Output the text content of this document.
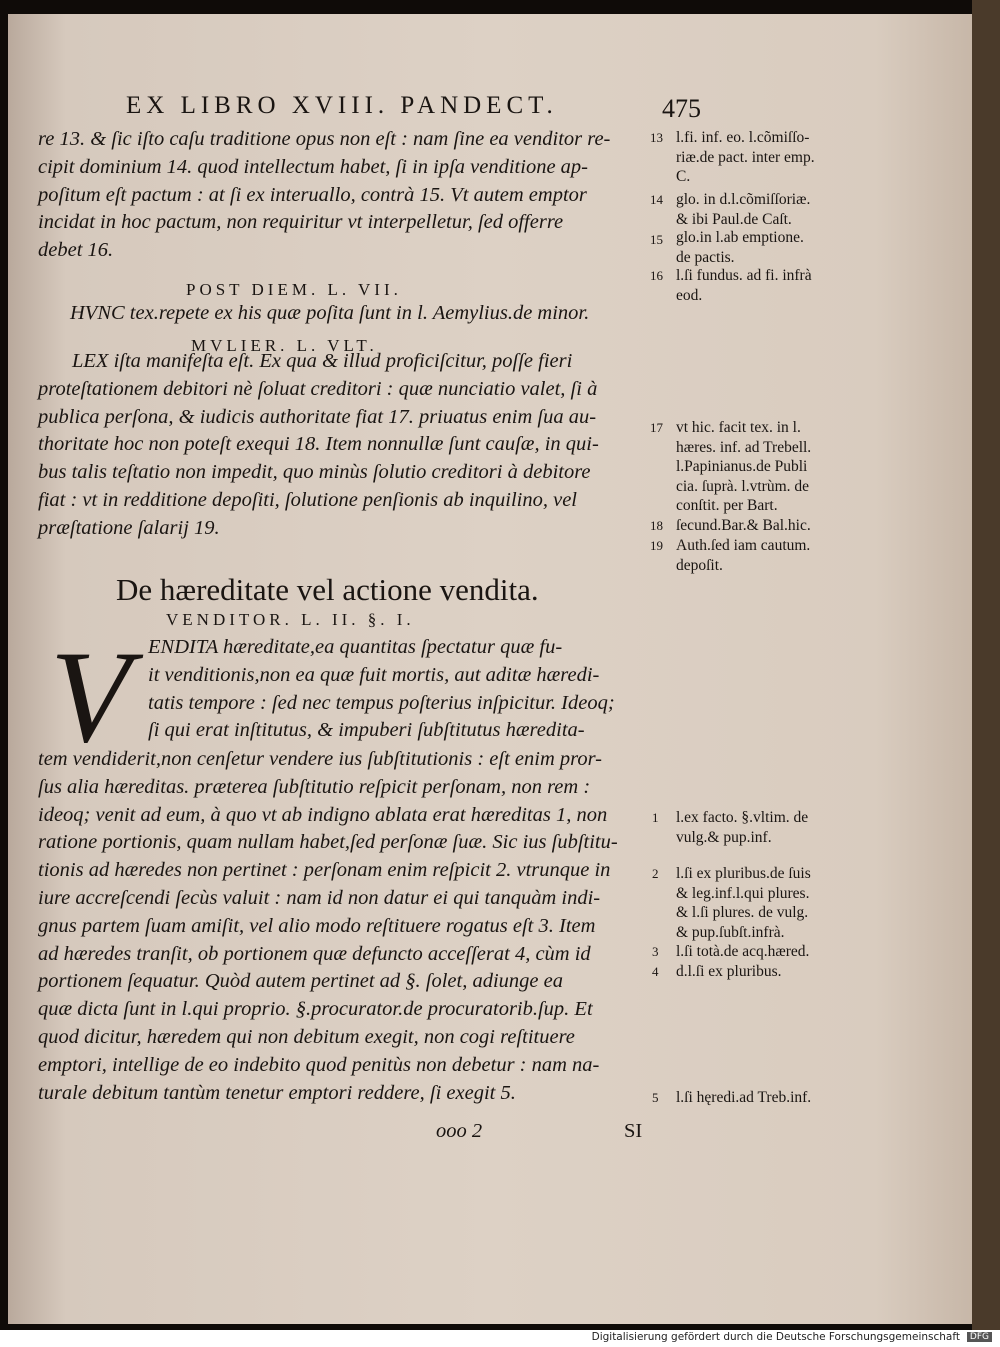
EX LIBRO XVIII. PANDECT.	475
re 13. & ſic iſto caſu traditione opus non eſt : nam ſine ea venditor re-
cipit dominium 14. quod intellectum habet, ſi in ipſa venditione ap-
poſitum eſt pactum : at ſi ex interuallo, contrà 15. Vt autem emptor
incidat in hoc pactum, non requiritur vt interpelletur, ſed offerre
debet 16.
POST DIEM. L. VII.
HVNC tex.repete ex his quæ poſita ſunt in l. Aemylius.de minor.
MVLIER. L. VLT.
LEX iſta manifeſta eſt. Ex qua & illud proficiſcitur, poſſe fieri
proteſtationem debitori nè ſoluat creditori : quæ nunciatio valet, ſi à
publica perſona, & iudicis authoritate fiat 17. priuatus enim ſua au-
thoritate hoc non poteſt exequi 18. Item nonnullæ ſunt cauſæ, in qui-
bus talis teſtatio non impedit, quo minùs ſolutio creditori à debitore
fiat : vt in redditione depoſiti, ſolutione penſionis ab inquilino, vel
præſtatione ſalarij 19.
De hæreditate vel actione vendita.
VENDITOR. L. II. §. I.
V ENDITA hæreditate,ea quantitas ſpectatur quæ fu-
it venditionis,non ea quæ fuit mortis, aut aditæ hæredi-
tatis tempore : ſed nec tempus poſterius inſpicitur. Ideoq;
ſi qui erat inſtitutus, & impuberi ſubſtitutus hæredita-
tem vendiderit,non cenſetur vendere ius ſubſtitutionis : eſt enim pror-
ſus alia hæreditas. præterea ſubſtitutio reſpicit perſonam, non rem :
ideoq; venit ad eum, à quo vt ab indigno ablata erat hæreditas 1, non
ratione portionis, quam nullam habet,ſed perſonæ ſuæ. Sic ius ſubſtitu-
tionis ad hæredes non pertinet : perſonam enim reſpicit 2. vtrunque in
iure accreſcendi ſecùs valuit : nam id non datur ei qui tanquàm indi-
gnus partem ſuam amiſit, vel alio modo reſtituere rogatus eſt 3. Item
ad hæredes tranſit, ob portionem quæ defuncto acceſſerat 4, cùm id
portionem ſequatur. Quòd autem pertinet ad §. ſolet, adiunge ea
quæ dicta ſunt in l.qui proprio. §.procurator.de procuratorib.ſup. Et
quod dicitur, hæredem qui non debitum exegit, non cogi reſtituere
emptori, intellige de eo indebito quod penitùs non debetur : nam na-
turale debitum tantùm tenetur emptori reddere, ſi exegit 5.
ooo 2	SI
13 l.fi. inf. eo. l.cõmiſſo-
riæ.de pact. inter emp.
C.
14 glo. in d.l.cõmiſſoriæ.
& ibi Paul.de Caſt.
15 glo.in l.ab emptione.
de pactis.
16 l.ſi fundus. ad fi. infrà
eod.
17 vt hic. facit tex. in l.
hæres. inf. ad Trebell.
l.Papinianus.de Publi
cia. ſuprà. l.vtrùm. de
conſtit. per Bart.
18 ſecund.Bar.& Bal.hic.
19 Auth.ſed iam cautum.
depoſit.
1 l.ex facto. §.vltim. de
vulg.& pup.inf.
2 l.ſi ex pluribus.de ſuis
& leg.inf.l.qui plures.
& l.ſi plures. de vulg.
& pup.ſubſt.infrà.
3 l.ſi totà.de acq.hæred.
4 d.l.ſi ex pluribus.
5 l.ſi hęredi.ad Treb.inf.
Digitalisierung gefördert durch die Deutsche Forschungsgemeinschaft	DFG
